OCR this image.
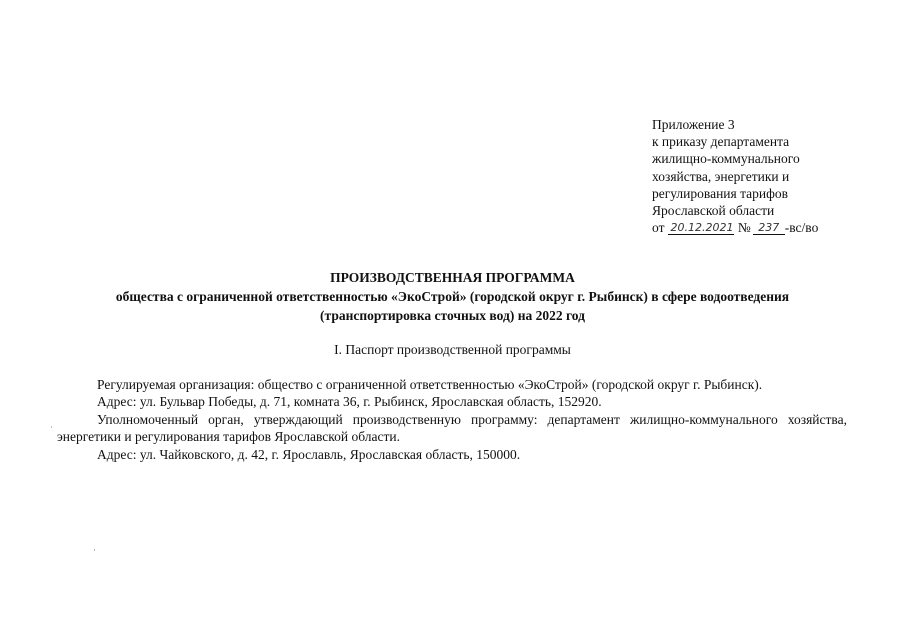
Приложение 3
к приказу департамента
жилищно-коммунального
хозяйства, энергетики и
регулирования тарифов
Ярославской области
от 20.12.2021 № 237 -вс/во
ПРОИЗВОДСТВЕННАЯ ПРОГРАММА
общества с ограниченной ответственностью «ЭкоСтрой» (городской округ г. Рыбинск) в сфере водоотведения
(транспортировка сточных вод) на 2022 год
I. Паспорт производственной программы

Регулируемая организация: общество с ограниченной ответственностью «ЭкоСтрой» (городской округ г. Рыбинск).

Адрес: ул. Бульвар Победы, д. 71, комната 36, г. Рыбинск, Ярославская область, 152920.

Уполномоченный орган, утверждающий производственную программу: департамент жилищно-коммунального хозяйства, энергетики и регулирования тарифов Ярославской области.

Адрес: ул. Чайковского, д. 42, г. Ярославль, Ярославская область, 150000.
